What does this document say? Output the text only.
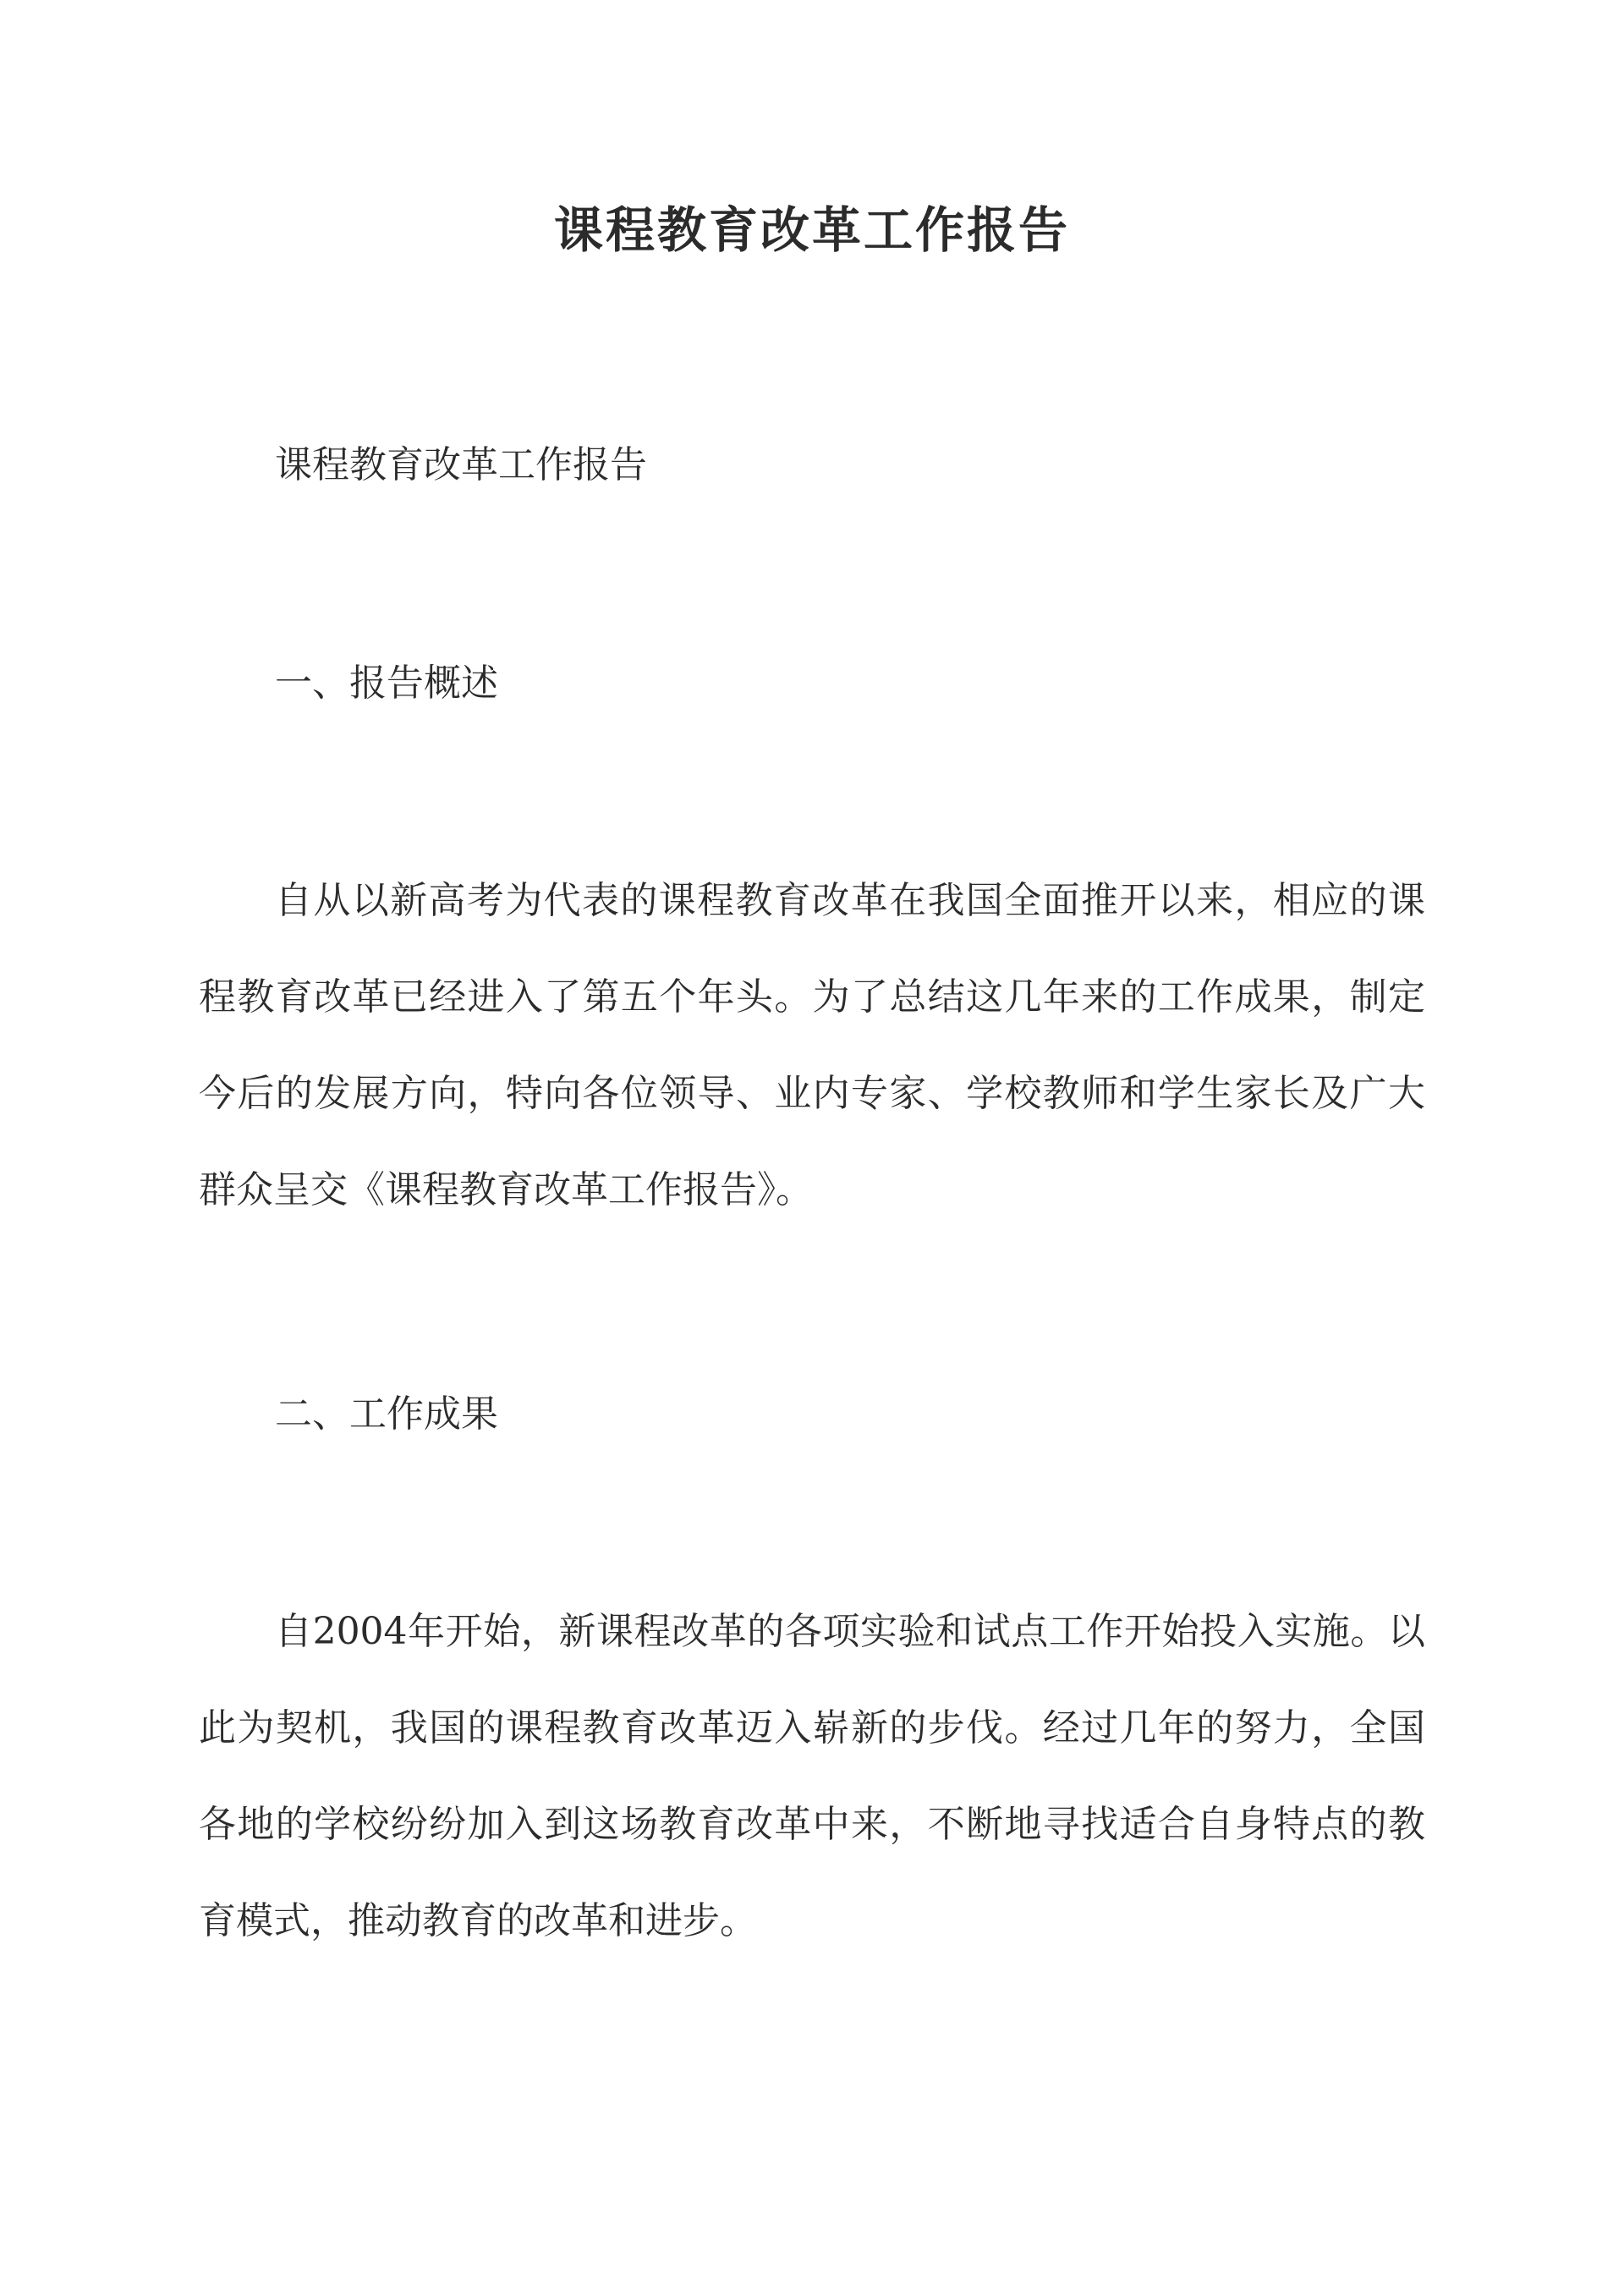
课程教育改革工作报告
课程教育改革工作报告
一、报告概述

自从以新高考为代表的课程教育改革在我国全面推开以来，相应的课程教育改革已经进入了第五个年头。为了总结这几年来的工作成果，制定今后的发展方向，特向各位领导、业内专家、学校教师和学生家长及广大群众呈交《课程教育改革工作报告》。

二、工作成果

自2004年开始，新课程改革的各项实验和试点工作开始投入实施。以此为契机，我国的课程教育改革迈入崭新的步伐。经过几年的努力，全国各地的学校纷纷加入到这场教育改革中来，不断地寻找适合自身特点的教育模式，推动教育的改革和进步。
